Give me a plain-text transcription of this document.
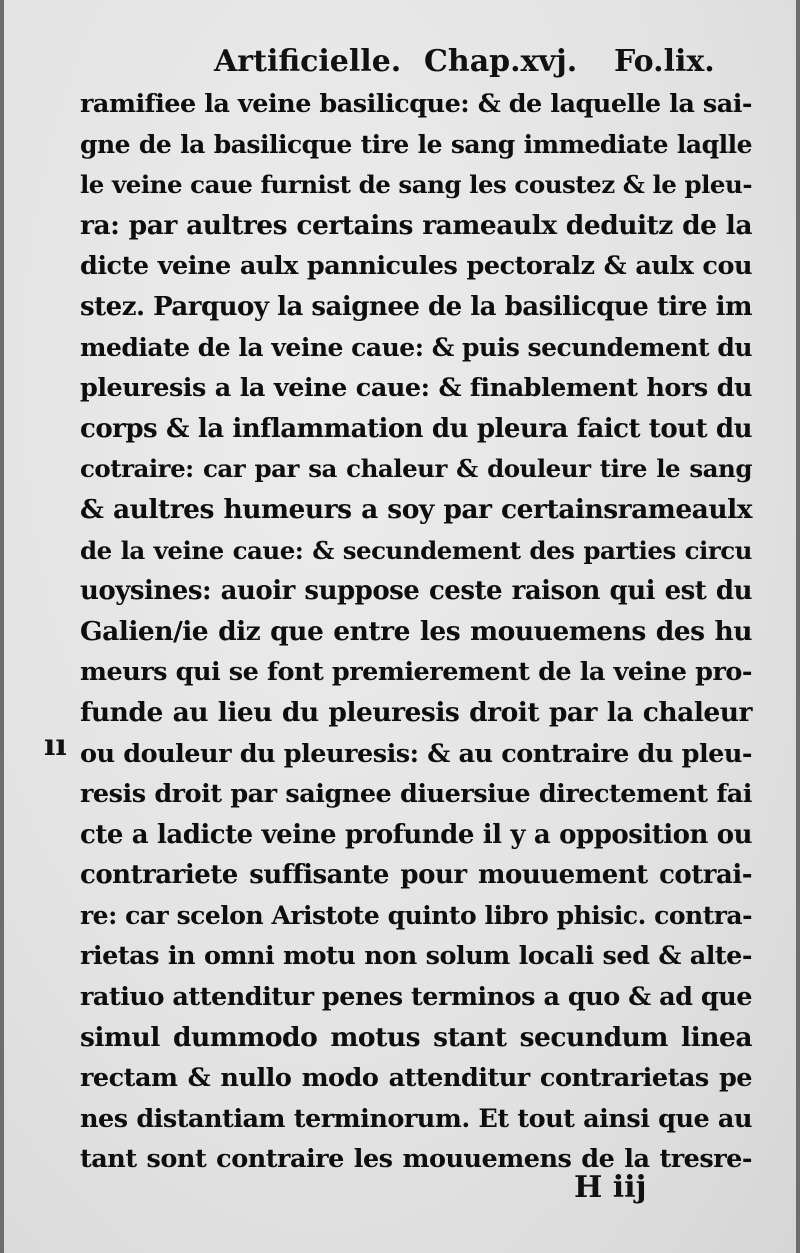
Artificielle. Chap.xvj. Fo.lix.
ramifiee la veine basilicque: & de laquelle la sai-
gne de la basilicque tire le sang immediate laqlle
le veine caue furnist de sang les coustez & le pleu-
ra: par aultres certains rameaulx deduitz de la
dicte veine aulx pannicules pectoralz & aulx cou
stez. Parquoy la saignee de la basilicque tire im
mediate de la veine caue: & puis secundement du
pleuresis a la veine caue: & finablement hors du
corps & la inflammation du pleura faict tout du
cotraire: car par sa chaleur & douleur tire le sang
& aultres humeurs a soy par certainsrameaulx
de la veine caue: & secundement des parties circu
uoysines: auoir suppose ceste raison qui est du
Galien/ie diz que entre les mouuemens des hu
meurs qui se font premierement de la veine pro-
funde au lieu du pleuresis droit par la chaleur
ou douleur du pleuresis: & au contraire du pleu-
resis droit par saignee diuersiue directement fai
cte a ladicte veine profunde il y a opposition ou
contrariete suffisante pour mouuement cotrai-
re: car scelon Aristote quinto libro phisic. contra-
rietas in omni motu non solum locali sed & alte-
ratiuo attenditur penes terminos a quo & ad que
simul dummodo motus stant secundum linea
rectam & nullo modo attenditur contrarietas pe
nes distantiam terminorum. Et tout ainsi que au
tant sont contraire les mouuemens de la tresre-
ıı
H iij
